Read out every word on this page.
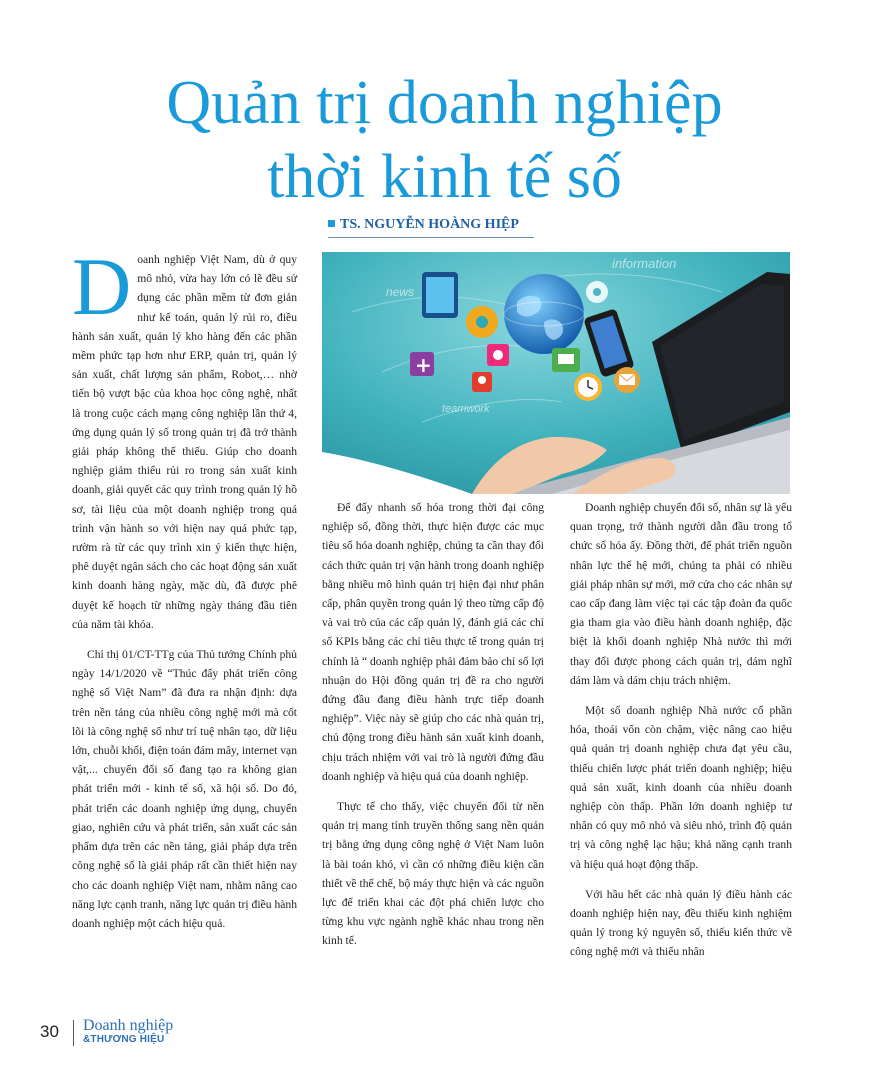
Quản trị doanh nghiệp
thời kinh tế số
TS. NGUYỄN HOÀNG HIỆP

Doanh nghiệp Việt Nam, dù ở quy mô nhỏ, vừa hay lớn có lẽ đều sử dụng các phần mềm từ đơn giản như kế toán, quản lý rủi ro, điều hành sản xuất, quản lý kho hàng đến các phần mềm phức tạp hơn như ERP, quản trị, quản lý sản xuất, chất lượng sản phẩm, Robot,… nhờ tiến bộ vượt bậc của khoa học công nghệ, nhất là trong cuộc cách mạng công nghiệp lần thứ 4, ứng dụng quản lý số trong quản trị đã trở thành giải pháp không thể thiếu. Giúp cho doanh nghiệp giảm thiểu rủi ro trong sản xuất kinh doanh, giải quyết các quy trình trong quản lý hồ sơ, tài liệu của một doanh nghiệp trong quá trình vận hành so với hiện nay quá phức tạp, rườm rà từ các quy trình xin ý kiến thực hiện, phê duyệt ngân sách cho các hoạt động sản xuất kinh doanh hàng ngày, mặc dù, đã được phê duyệt kế hoạch từ những ngày tháng đầu tiên của năm tài khóa.

Chỉ thị 01/CT-TTg của Thủ tướng Chính phủ ngày 14/1/2020 về “Thúc đẩy phát triển công nghệ số Việt Nam” đã đưa ra nhận định: dựa trên nền tảng của nhiều công nghệ mới mà cốt lõi là công nghệ số như trí tuệ nhân tạo, dữ liệu lớn, chuỗi khối, điện toán đám mây, internet vạn vật,... chuyển đổi số đang tạo ra không gian phát triển mới - kinh tế số, xã hội số. Do đó, phát triển các doanh nghiệp ứng dụng, chuyển giao, nghiên cứu và phát triển, sản xuất các sản phẩm dựa trên các nền tảng, giải pháp dựa trên công nghệ số là giải pháp rất cần thiết hiện nay cho các doanh nghiệp Việt nam, nhằm nâng cao năng lực cạnh tranh, năng lực quản trị điều hành doanh nghiệp một cách hiệu quả.

information
news
teamwork
+

Để đẩy nhanh số hóa trong thời đại công nghiệp số, đồng thời, thực hiện được các mục tiêu số hóa doanh nghiệp, chúng ta cần thay đổi cách thức quản trị vận hành trong doanh nghiệp bằng nhiều mô hình quản trị hiện đại như phân cấp, phân quyền trong quản lý theo từng cấp độ và vai trò của các cấp quản lý, đánh giá các chỉ số KPIs bằng các chỉ tiêu thực tế trong quản trị chính là “ doanh nghiệp phải đảm bảo chỉ số lợi nhuận do Hội đồng quản trị đề ra cho người đứng đầu đang điều hành trực tiếp doanh nghiệp”. Việc này sẽ giúp cho các nhà quản trị, chủ động trong điều hành sản xuất kinh doanh, chịu trách nhiệm với vai trò là người đứng đầu doanh nghiệp và hiệu quả của doanh nghiệp.

Thực tế cho thấy, việc chuyển đổi từ nền quản trị mang tính truyền thống sang nền quản trị bằng ứng dụng công nghệ ở Việt Nam luôn là bài toán khó, vì cần có những điều kiện cần thiết về thể chế, bộ máy thực hiện và các nguồn lực để triển khai các đột phá chiến lược cho từng khu vực ngành nghề khác nhau trong nền kinh tế.

Doanh nghiệp chuyển đổi số, nhân sự là yếu quan trọng, trở thành người dẫn đầu trong tổ chức số hóa ấy. Đồng thời, để phát triển nguồn nhân lực thế hệ mới, chúng ta phải có nhiều giải pháp nhân sự mới, mở cửa cho các nhân sự cao cấp đang làm việc tại các tập đoàn đa quốc gia tham gia vào điều hành doanh nghiệp, đặc biệt là khối doanh nghiệp Nhà nước thì mới thay đổi được phong cách quản trị, dám nghĩ dám làm và dám chịu trách nhiệm.

Một số doanh nghiệp Nhà nước cổ phần hóa, thoái vốn còn chậm, việc nâng cao hiệu quả quản trị doanh nghiệp chưa đạt yêu cầu, thiếu chiến lược phát triển doanh nghiệp; hiệu quả sản xuất, kinh doanh của nhiều doanh nghiệp còn thấp. Phần lớn doanh nghiệp tư nhân có quy mô nhỏ và siêu nhỏ, trình độ quản trị và công nghệ lạc hậu; khả năng cạnh tranh và hiệu quả hoạt động thấp.

Với hầu hết các nhà quản lý điều hành các doanh nghiệp hiện nay, đều thiếu kinh nghiệm quản lý trong kỷ nguyên số, thiếu kiến thức về công nghệ mới và thiếu nhân

30 Doanh nghiệp
&THƯƠNG HIỆU
